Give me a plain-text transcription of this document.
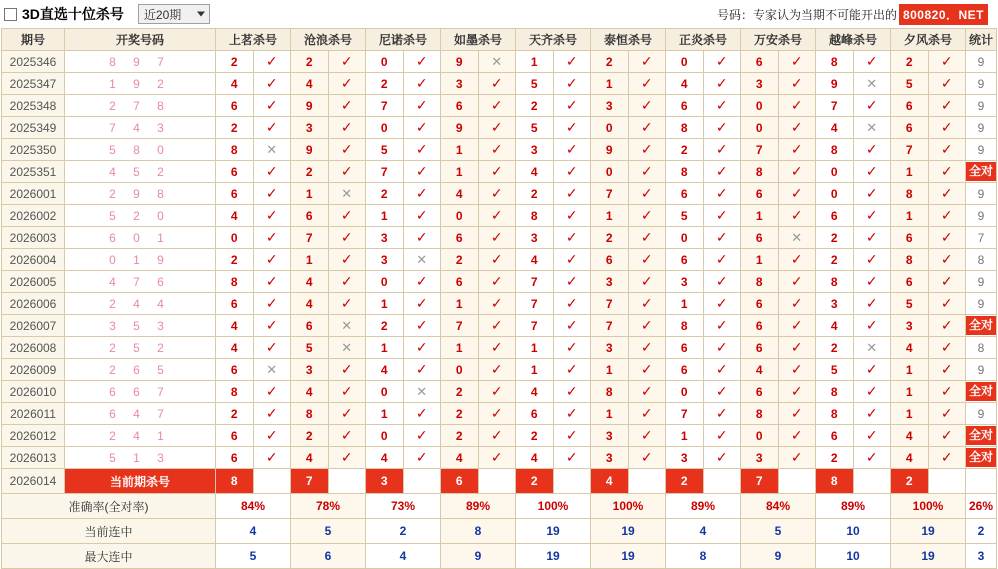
3D直选十位杀号 近20期	号码：专家认为当期不可能开出的 800820．NET
期号	开奖号码	上茗杀号		沧浪杀号		尼诺杀号		如墨杀号		天齐杀号		泰恒杀号		正炎杀号		万安杀号		越峰杀号		夕风杀号		统计
2025346	8 9 7	2	✓	2	✓	0	✓	9	✕	1	✓	2	✓	0	✓	6	✓	8	✓	2	✓	9
2025347	1 9 2	4	✓	4	✓	2	✓	3	✓	5	✓	1	✓	4	✓	3	✓	9	✕	5	✓	9
2025348	2 7 8	6	✓	9	✓	7	✓	6	✓	2	✓	3	✓	6	✓	0	✓	7	✓	6	✓	9
2025349	7 4 3	2	✓	3	✓	0	✓	9	✓	5	✓	0	✓	8	✓	0	✓	4	✕	6	✓	9
2025350	5 8 0	8	✕	9	✓	5	✓	1	✓	3	✓	9	✓	2	✓	7	✓	8	✓	7	✓	9
2025351	4 5 2	6	✓	2	✓	7	✓	1	✓	4	✓	0	✓	8	✓	8	✓	0	✓	1	✓	全对

2026001	2 9 8	6	✓	1	✕	2	✓	4	✓	2	✓	7	✓	6	✓	6	✓	0	✓	8	✓	9
2026002	5 2 0	4	✓	6	✓	1	✓	0	✓	8	✓	1	✓	5	✓	1	✓	6	✓	1	✓	9
2026003	6 0 1	0	✓	7	✓	3	✓	6	✓	3	✓	2	✓	0	✓	6	✕	2	✓	6	✓	7
2026004	0 1 9	2	✓	1	✓	3	✕	2	✓	4	✓	6	✓	6	✓	1	✓	2	✓	8	✓	8
2026005	4 7 6	8	✓	4	✓	0	✓	6	✓	7	✓	3	✓	3	✓	8	✓	8	✓	6	✓	9
2026006	2 4 4	6	✓	4	✓	1	✓	1	✓	7	✓	7	✓	1	✓	6	✓	3	✓	5	✓	9
2026007	3 5 3	4	✓	6	✕	2	✓	7	✓	7	✓	7	✓	8	✓	6	✓	4	✓	3	✓	全对

2026008	2 5 2	4	✓	5	✕	1	✓	1	✓	1	✓	3	✓	6	✓	6	✓	2	✕	4	✓	8
2026009	2 6 5	6	✕	3	✓	4	✓	0	✓	1	✓	1	✓	6	✓	4	✓	5	✓	1	✓	9
2026010	6 6 7	8	✓	4	✓	0	✕	2	✓	4	✓	8	✓	0	✓	6	✓	8	✓	1	✓	全对

2026011	6 4 7	2	✓	8	✓	1	✓	2	✓	6	✓	1	✓	7	✓	8	✓	8	✓	1	✓	9
2026012	2 4 1	6	✓	2	✓	0	✓	2	✓	2	✓	3	✓	1	✓	0	✓	6	✓	4	✓	全对

2026013	5 1 3	6	✓	4	✓	4	✓	4	✓	4	✓	3	✓	3	✓	3	✓	2	✓	4	✓	全对

2026014	当前期杀号	8		7		3		6		2		4		2		7		8		2		
准确率(全对率)		84%		78%		73%		89%		100%		100%		89%		84%		89%		100%		26%
当前连中		4		5		2		8		19		19		4		5		10		19		2
最大连中		5		6		4		9		19		19		8		9		10		19		3
